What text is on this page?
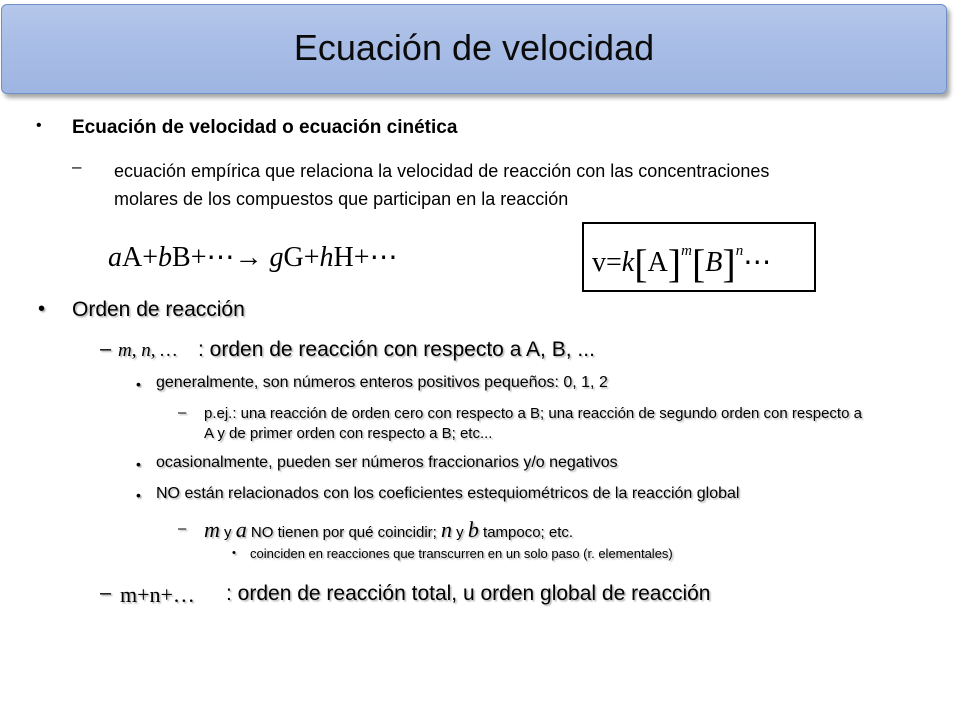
Ecuación de velocidad
• Ecuación de velocidad o ecuación cinética
– ecuación empírica que relaciona la velocidad de reacción con las concentraciones
molares de los compuestos que participan en la reacción
aA+bB+⋯→ gG+hH+⋯	$v=k[A]^m[B]^n\cdots$
• Orden de reacción
– m, n, … : orden de reacción con respecto a A, B, ...
• generalmente, son números enteros positivos pequeños: 0, 1, 2
– p.ej.: una reacción de orden cero con respecto a B; una reacción de segundo orden con respecto a
A y de primer orden con respecto a B; etc...
• ocasionalmente, pueden ser números fraccionarios y/o negativos
• NO están relacionados con los coeficientes estequiométricos de la reacción global
– m y a NO tienen por qué coincidir; n y b tampoco; etc.
• coinciden en reacciones que transcurren en un solo paso (r. elementales)
– m+n+… : orden de reacción total, u orden global de reacción
